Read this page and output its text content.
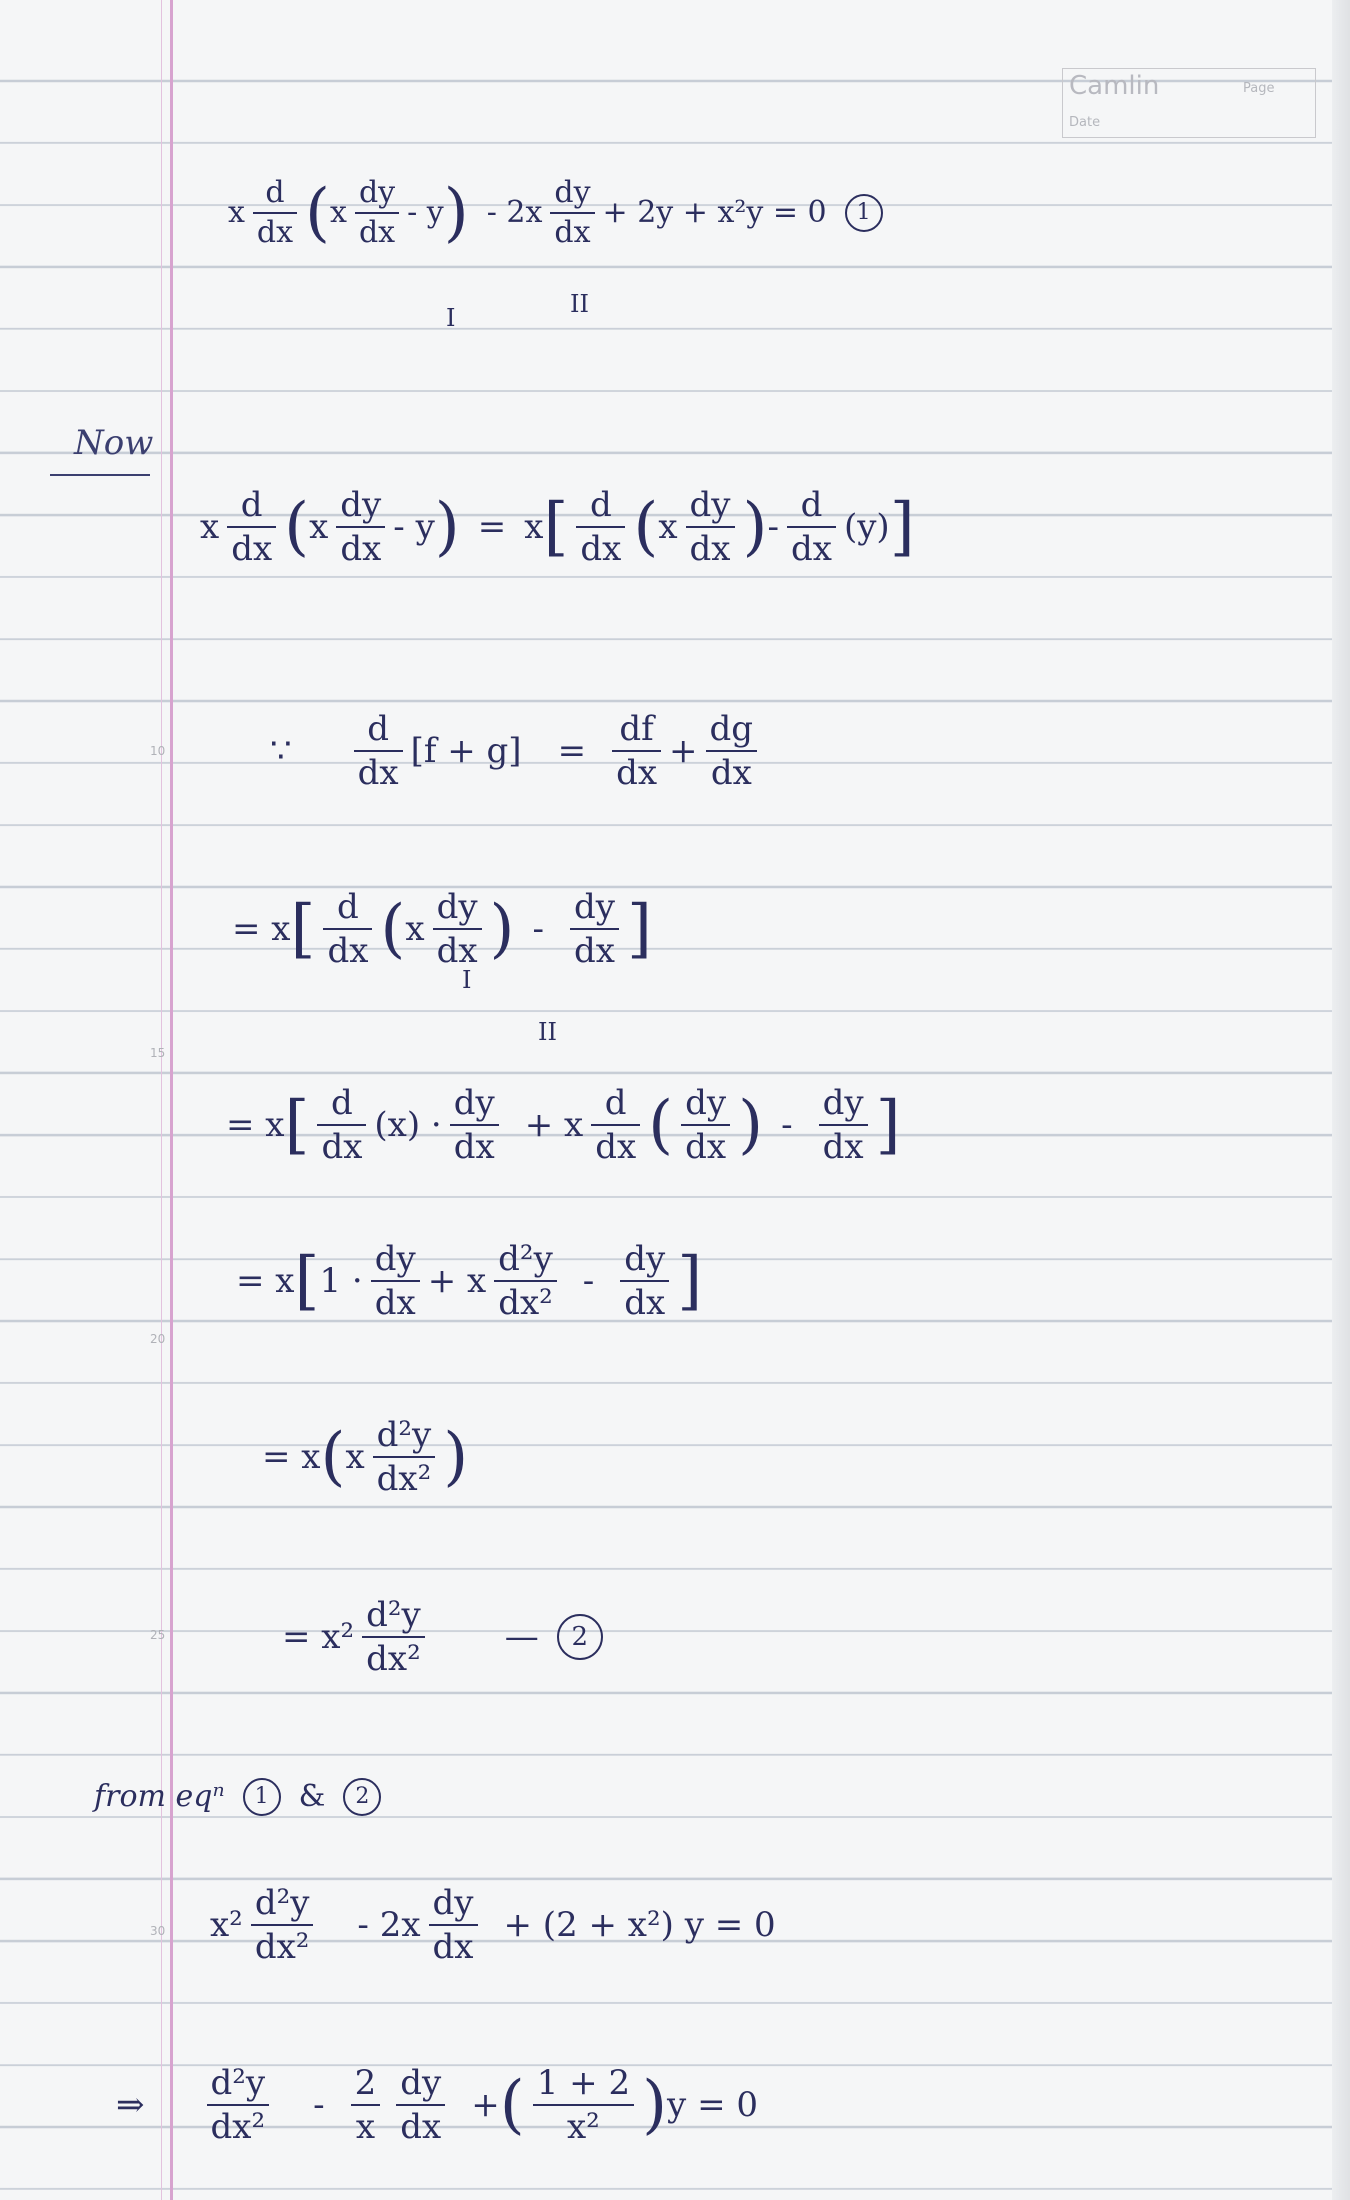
Camlin	Page
Date
10
15
20
25
30
x $\frac{d}{dx}$ ( x $\frac{dy}{dx}$ - y ) - $2x \frac{dy}{dx} + 2y + x^2y = 0$	1
I	II
Now
x $\frac{d}{dx}$ ( x $\frac{dy}{dx}$ - y ) = x [ $\frac{d}{dx}$ ( x $\frac{dy}{dx}$ ) - $\frac{d}{dx} (y)$ ]
∵ $\frac{d}{dx} [f + g] = \frac{df}{dx} + \frac{dg}{dx}$
= x [ $\frac{d}{dx}$ ( x $\frac{dy}{dx}$ ) - $\frac{dy}{dx}$ ]
I
II
= x [ $\frac{d}{dx} (x) \cdot \frac{dy}{dx} + x \frac{d}{dx}$ ( $\frac{dy}{dx}$ ) - $\frac{dy}{dx}$ ]
= x [ $1 \cdot \frac{dy}{dx} + x \frac{\text{d²y}}{\text{dx²}} - \frac{dy}{dx}$ ]
= x ( x $\frac{\text{d²y}}{\text{dx²}}$ )
= $x^2 \frac{\text{d²y}}{\text{dx²}}$ —	2
from eqⁿ	1	&	2
$x^2 \frac{\text{d²y}}{\text{dx²}} - 2x \frac{dy}{dx} + (2 + x^2) y = 0$
⇒ $\frac{\text{d²y}}{\text{dx²}} - \frac{2}{x} \frac{dy}{dx}$ + ( $\frac{1 + 2}{\text{x²}}$ ) y = 0
